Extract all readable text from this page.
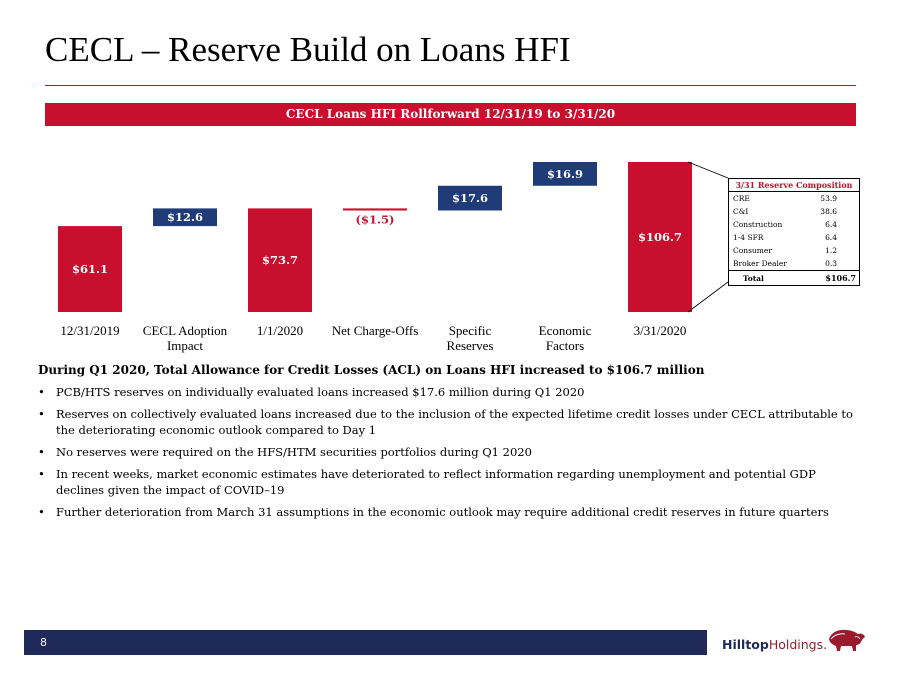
CECL – Reserve Build on Loans HFI
CECL Loans HFI Rollforward 12/31/19 to 3/31/20
$61.1
$12.6
$73.7
($1.5)
$17.6
$16.9
$106.7
12/31/2019 CECL Adoption
Impact
1/1/2020 Net Charge-Offs Specific
Reserves
Economic
Factors
3/31/2020
3/31 Reserve Composition
CRE	53.9
C&I	38.6
Construction	6.4
1-4 SFR	6.4
Consumer	1.2
Broker Dealer	0.3
Total	$106.7
During Q1 2020, Total Allowance for Credit Losses (ACL) on Loans HFI increased to $106.7 million
• PCB/HTS reserves on individually evaluated loans increased $17.6 million during Q1 2020
• Reserves on collectively evaluated loans increased due to the inclusion of the expected lifetime credit losses under CECL attributable to the deteriorating economic outlook compared to Day 1
• No reserves were required on the HFS/HTM securities portfolios during Q1 2020
• In recent weeks, market economic estimates have deteriorated to reflect information regarding unemployment and potential GDP declines given the impact of COVID–19
• Further deterioration from March 31 assumptions in the economic outlook may require additional credit reserves in future quarters
8	HilltopHoldings.
